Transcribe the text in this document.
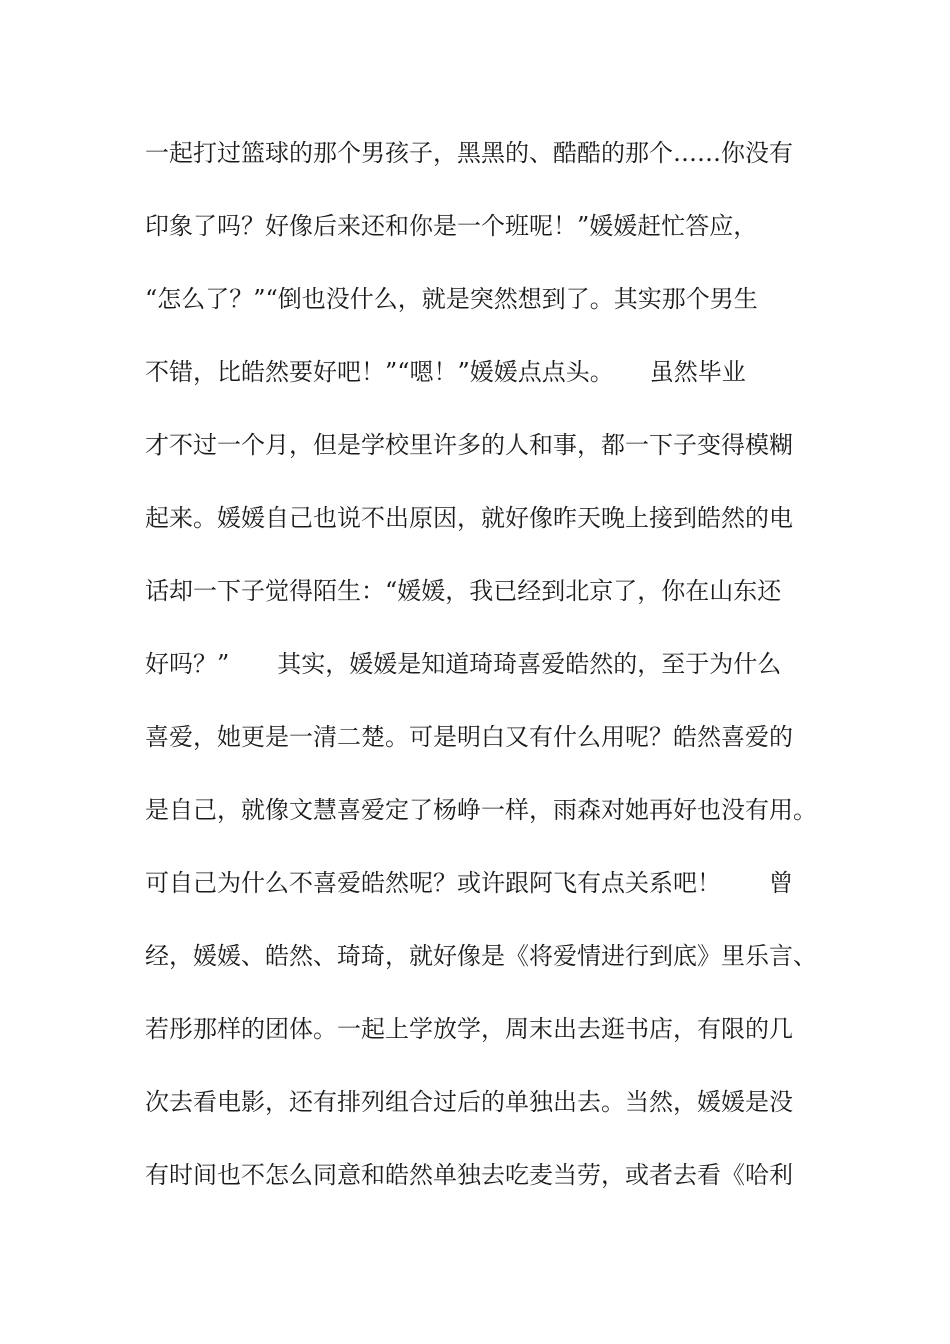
一起打过篮球的那个男孩子，黑黑的、酷酷的那个……你没有
印象了吗？好像后来还和你是一个班呢！”媛媛赶忙答应，
“怎么了？”“倒也没什么，就是突然想到了。其实那个男生
不错，比皓然要好吧！”“嗯！”媛媛点点头。　　虽然毕业
才不过一个月，但是学校里许多的人和事，都一下子变得模糊
起来。媛媛自己也说不出原因，就好像昨天晚上接到皓然的电
话却一下子觉得陌生：“媛媛，我已经到北京了，你在山东还
好吗？”　　其实，媛媛是知道琦琦喜爱皓然的，至于为什么
喜爱，她更是一清二楚。可是明白又有什么用呢？皓然喜爱的
是自己，就像文慧喜爱定了杨峥一样，雨森对她再好也没有用。
可自己为什么不喜爱皓然呢？或许跟阿飞有点关系吧！　　曾
经，媛媛、皓然、琦琦，就好像是《将爱情进行到底》里乐言、
若彤那样的团体。一起上学放学，周末出去逛书店，有限的几
次去看电影，还有排列组合过后的单独出去。当然，媛媛是没
有时间也不怎么同意和皓然单独去吃麦当劳，或者去看《哈利
